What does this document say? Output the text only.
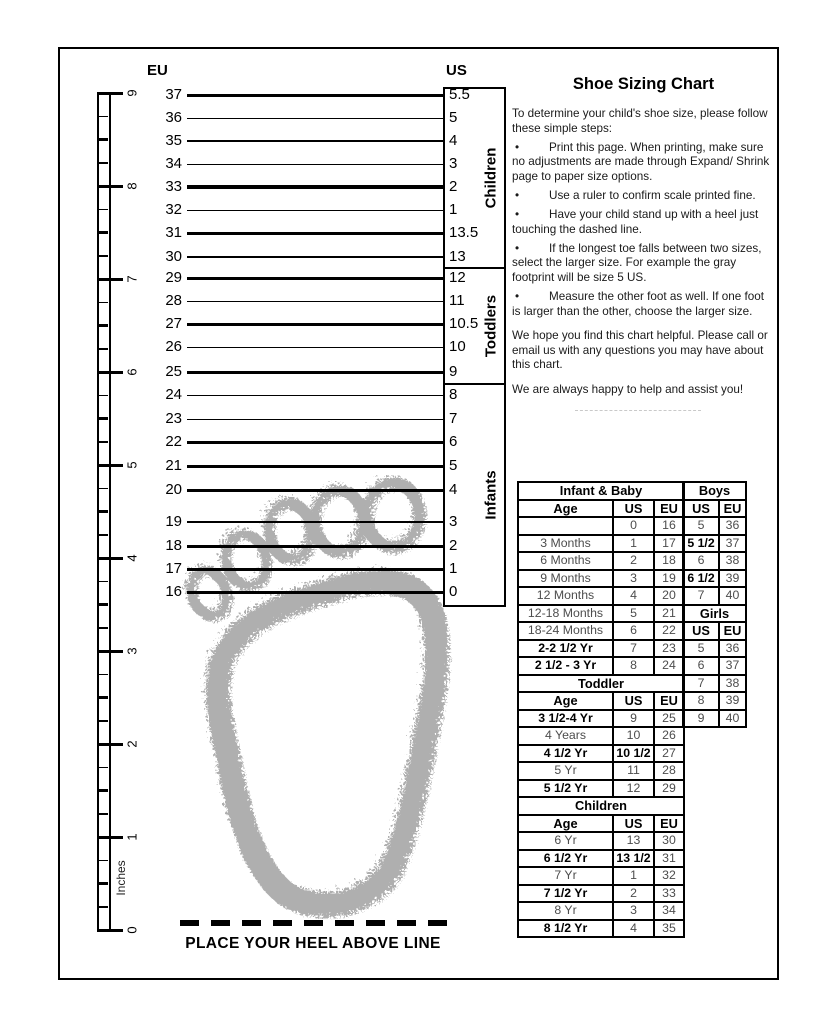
EU	US
37	5.5
36	5
35	4
34	3
33	2
32	1
31	13.5
30	13
29	12
28	11
27	10.5
26	10
25	9
24	8
23	7
22	6
21	5
20	4
19	3
18	2
17	1
16	0
Children
Toddlers
Infants
9
8
7
6
5
4
3
2
1
0
Inches
Shoe Sizing Chart

To determine your child's shoe size, please follow these simple steps:

•	Print this page. When printing, make sure no adjustments are made through Expand/ Shrink page to paper size options.

•	Use a ruler to confirm scale printed fine.

•	Have your child stand up with a heel just touching the dashed line.

•	If the longest toe falls between two sizes, select the larger size. For example the gray footprint will be size 5 US.

•	Measure the other foot as well. If one foot is larger than the other, choose the larger size.

We hope you find this chart helpful. Please call or email us with any questions you may have about this chart.

We are always happy to help and assist you!

PLACE YOUR HEEL ABOVE LINE
Infant & Baby		
Age	US	EU
	0	16
3 Months	1	17
6 Months	2	18
9 Months	3	19
12 Months	4	20
12-18 Months	5	21
18-24 Months	6	22
2-2 1/2 Yr	7	23
2 1/2 - 3 Yr	8	24
Toddler		
Age	US	EU
3 1/2-4 Yr	9	25
4 Years	10	26
4 1/2 Yr	10 1/2	27
5 Yr	11	28
5 1/2 Yr	12	29
Children		
Age	US	EU
6 Yr	13	30
6 1/2 Yr	13 1/2	31
7 Yr	1	32
7 1/2 Yr	2	33
8 Yr	3	34
8 1/2 Yr	4	35
Boys	
US	EU
5	36
5 1/2	37
6	38
6 1/2	39
7	40
Girls	
US	EU
5	36
6	37
7	38
8	39
9	40
